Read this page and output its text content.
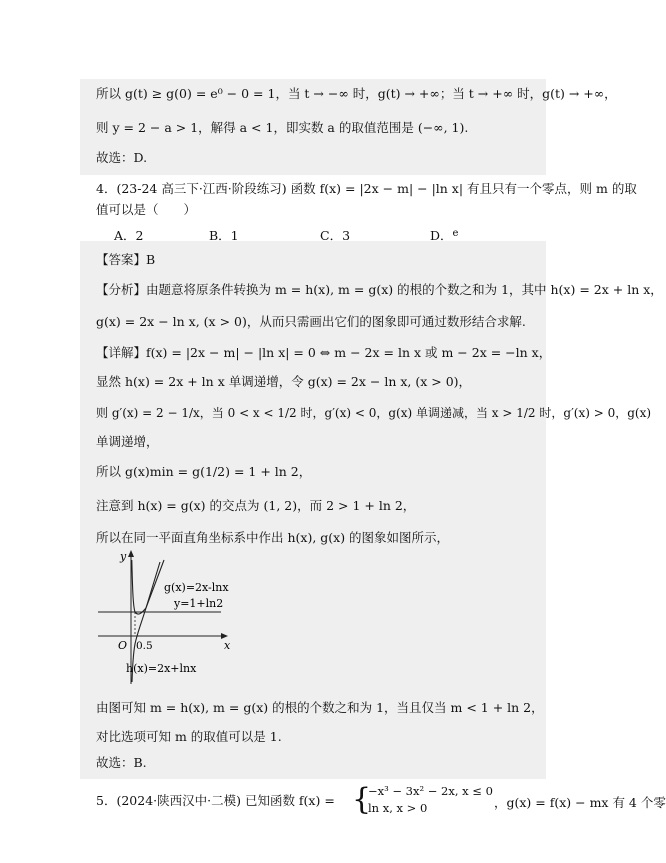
所以 g(t) ≥ g(0) = e⁰ − 0 = 1，当 t → −∞ 时，g(t) → +∞；当 t → +∞ 时，g(t) → +∞，
则 y = 2 − a > 1，解得 a < 1，即实数 a 的取值范围是 (−∞, 1).
故选：D.
4．(23-24 高三下·江西·阶段练习) 函数 f(x) = |2x − m| − |ln x| 有且只有一个零点，则 m 的取
值可以是（　　）
A．2	B．1	C．3	D．$^e$
【答案】B
【分析】由题意将原条件转换为 m = h(x), m = g(x) 的根的个数之和为 1，其中 h(x) = 2x + ln x，
g(x) = 2x − ln x, (x > 0)，从而只需画出它们的图象即可通过数形结合求解.
【详解】f(x) = |2x − m| − |ln x| = 0 ⇔ m − 2x = ln x 或 m − 2x = −ln x，
显然 h(x) = 2x + ln x 单调递增，令 g(x) = 2x − ln x, (x > 0)，
则 g′(x) = 2 − 1/x，当 0 < x < 1/2 时，g′(x) < 0，g(x) 单调递减，当 x > 1/2 时，g′(x) > 0，g(x)
单调递增，
所以 g(x)min = g(1/2) = 1 + ln 2，
注意到 h(x) = g(x) 的交点为 (1, 2)，而 2 > 1 + ln 2，
所以在同一平面直角坐标系中作出 h(x), g(x) 的图象如图所示，
y
x
O 0.5
g(x)=2x-lnx
y=1+ln2
h(x)=2x+lnx
由图可知 m = h(x), m = g(x) 的根的个数之和为 1，当且仅当 m < 1 + ln 2，
对比选项可知 m 的取值可以是 1.
故选：B.
5．(2024·陕西汉中·二模) 已知函数 f(x) = {
−x³ − 3x² − 2x, x ≤ 0
ln x, x > 0	，g(x) = f(x) − mx 有 4 个零
